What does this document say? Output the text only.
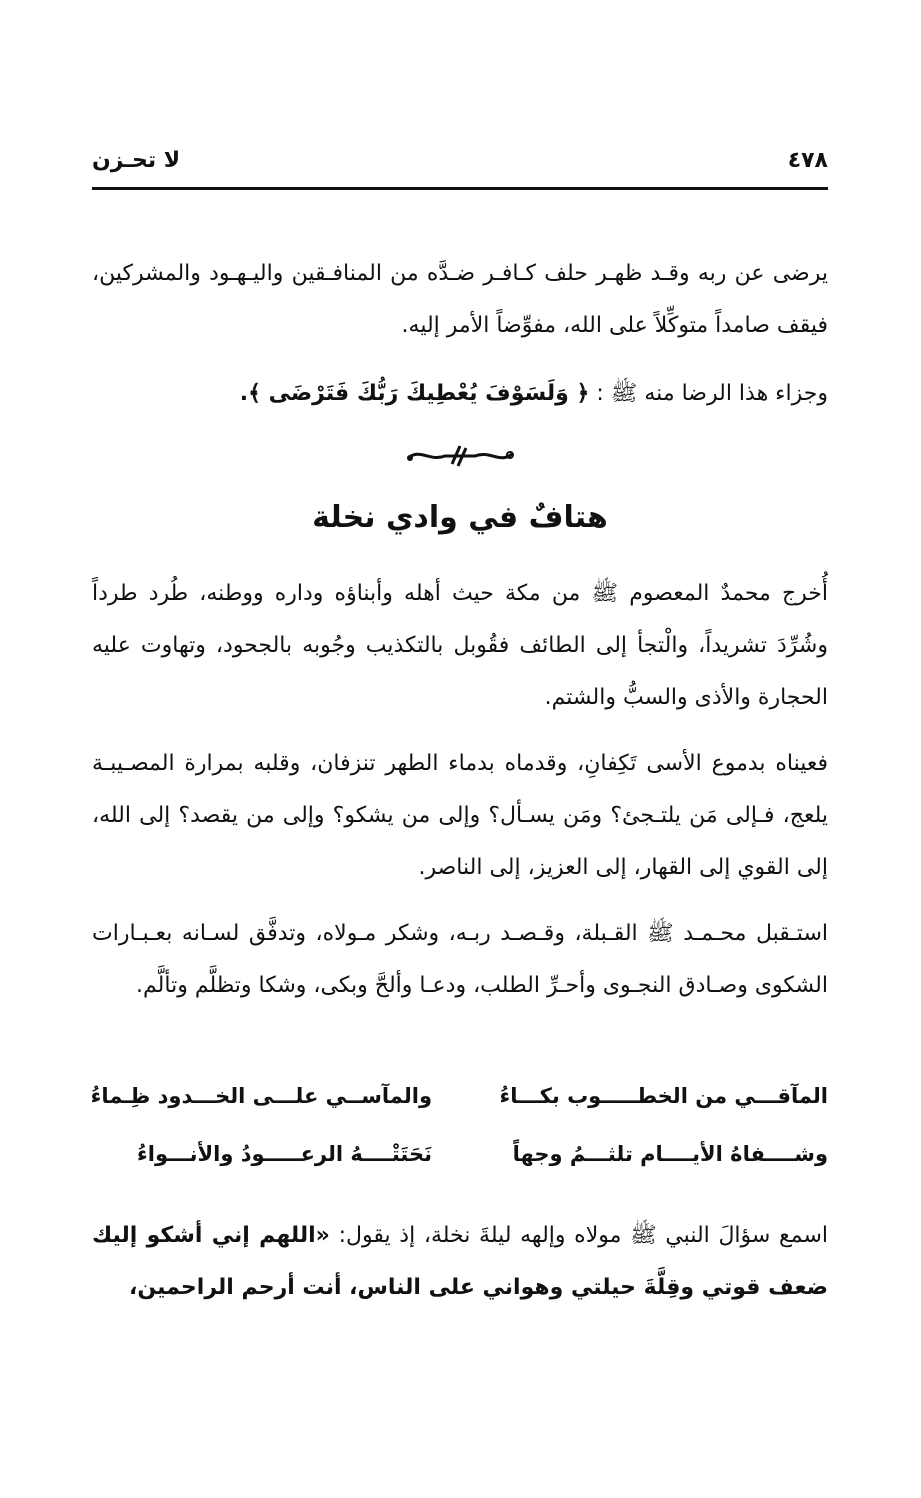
لا تحـزن	٤٧٨
يرضى عن ربه وقـد ظهـر حلف كـافـر ضـدَّه من المنافـقين واليـهـود والمشركين، فيقف صامداً متوكِّلاً على الله، مفوِّضاً الأمر إليه.
وجزاء هذا الرضا منه ﷺ : ﴿ وَلَسَوْفَ يُعْطِيكَ رَبُّكَ فَتَرْضَى ﴾.
هتافٌ في وادي نخلة
أُخرج محمدٌ المعصوم ﷺ من مكة حيث أهله وأبناؤه وداره ووطنه، طُرد طرداً وشُرِّدَ تشريداً، والْتجأ إلى الطائف فقُوبل بالتكذيب وجُوبه بالجحود، وتهاوت عليه الحجارة والأذى والسبُّ والشتم.
فعيناه بدموع الأسى تَكِفانِ، وقدماه بدماء الطهر تنزفان، وقلبه بمرارة المصـيبـة يلعج، فـإلى مَن يلتـجئ؟ ومَن يسـأل؟ وإلى من يشكو؟ وإلى من يقصد؟ إلى الله، إلى القوي إلى القهار، إلى العزيز، إلى الناصر.
استـقبل محـمـد ﷺ القـبلة، وقـصـد ربـه، وشكر مـولاه، وتدفَّق لسـانه بعـبـارات الشكوى وصـادق النجـوى وأحـرِّ الطلب، ودعـا وألحَّ وبكى، وشكا وتظلَّم وتألَّم.
المآقـــي من الخطـــــوب بكـــاءُ
والمآســي علـــى الخـــدود ظِـماءُ
وشــــفاهُ الأيــــام تلثـــمُ وجهاً
نَحَتَتْــــهُ الرعـــــودُ والأنـــواءُ
اسمع سؤالَ النبي ﷺ مولاه وإلهه ليلةَ نخلة، إذ يقول: «اللهم إني أشكو إليك ضعف قوتي وقِلَّةَ حيلتي وهواني على الناس، أنت أرحم الراحمين،
